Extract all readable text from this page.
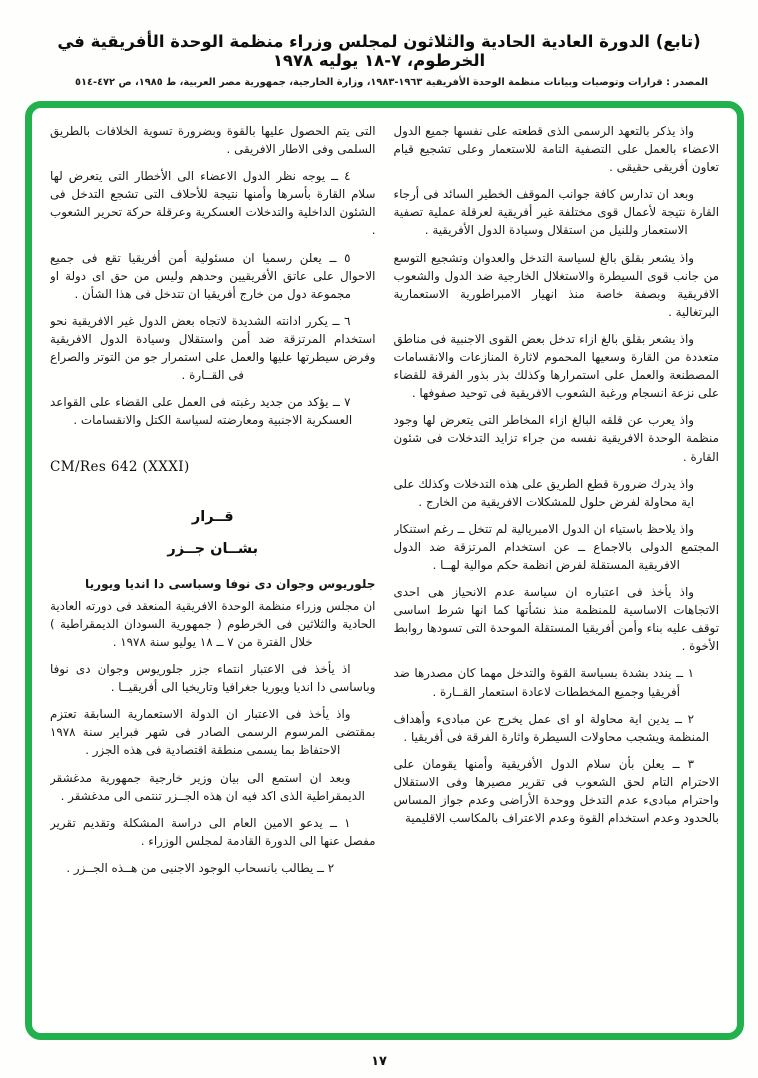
(تابع) الدورة العادية الحادية والثلاثون لمجلس وزراء منظمة الوحدة الأفريقية في الخرطوم، ٧-١٨ يوليه ١٩٧٨
المصدر : قرارات وتوصيات وبيانات منظمة الوحدة الأفريقية ١٩٦٣-١٩٨٣، وزارة الخارجية، جمهورية مصر العربية، ط ١٩٨٥، ص ٤٧٢-٥١٤

واذ يذكر بالتعهد الرسمى الذى قطعته على نفسها جميع الدول الاعضاء بالعمل على التصفية التامة للاستعمار وعلى تشجيع قيام تعاون أفريقى حقيقى .

وبعد ان تدارس كافة جوانب الموقف الخطير السائد فى أرجاء القارة نتيجة لأعمال قوى مختلفة غير أفريقية لعرقلة عملية تصفية الاستعمار وللنيل من استقلال وسيادة الدول الأفريقية .

واذ يشعر بقلق بالغ لسياسة التدخل والعدوان وتشجيع التوسع من جانب قوى السيطرة والاستغلال الخارجية ضد الدول والشعوب الافريقية وبصفة خاصة منذ انهيار الامبراطورية الاستعمارية البرتغالية .

واذ يشعر بقلق بالغ ازاء تدخل بعض القوى الاجنبية فى مناطق متعددة من القارة وسعيها المحموم لاثارة المنازعات والانقسامات المصطنعة والعمل على استمرارها وكذلك بذر بذور الفرقة للقضاء على نزعة انسجام ورغبة الشعوب الافريقية فى توحيد صفوفها .

واذ يعرب عن قلقه البالغ ازاء المخاطر التى يتعرض لها وجود منظمة الوحدة الافريقية نفسه من جراء تزايد التدخلات فى شئون القارة .

واذ يدرك ضرورة قطع الطريق على هذه التدخلات وكذلك على اية محاولة لفرض حلول للمشكلات الافريقية من الخارج .

واذ يلاحظ باستياء ان الدول الامبريالية لم تتخل ــ رغم استنكار المجتمع الدولى بالاجماع ــ عن استخدام المرتزقة ضد الدول الافريقية المستقلة لفرض انظمة حكم موالية لهــا .

واذ يأخذ فى اعتباره ان سياسة عدم الانحياز هى احدى الاتجاهات الاساسية للمنظمة منذ نشأتها كما انها شرط اساسى توقف عليه بناء وأمن أفريقيا المستقلة الموحدة التى تسودها روابط الأخوة .

١ ــ يندد بشدة بسياسة القوة والتدخل مهما كان مصدرها ضد أفريقيا وجميع المخططات لاعادة استعمار القــارة .

٢ ــ يدين اية محاولة او اى عمل يخرج عن مبادىء وأهداف المنظمة ويشجب محاولات السيطرة واثارة الفرقة فى أفريقيا .

٣ ــ يعلن بأن سلام الدول الأفريقية وأمنها يقومان على الاحترام التام لحق الشعوب فى تقرير مصيرها وفى الاستقلال واحترام مبادىء عدم التدخل ووحدة الأراضى وعدم جواز المساس بالحدود وعدم استخدام القوة وعدم الاعتراف بالمكاسب الاقليمية

التى يتم الحصول عليها بالقوة وبضرورة تسوية الخلافات بالطريق السلمى وفى الاطار الافريقى .

٤ ــ يوجه نظر الدول الاعضاء الى الأخطار التى يتعرض لها سلام القارة بأسرها وأمنها نتيجة للأحلاف التى تشجع التدخل فى الشئون الداخلية والتدخلات العسكرية وعرقلة حركة تحرير الشعوب .

٥ ــ يعلن رسميا ان مسئولية أمن أفريقيا تقع فى جميع الاحوال على عاتق الأفريقيين وحدهم وليس من حق اى دولة او مجموعة دول من خارج أفريقيا ان تتدخل فى هذا الشأن .

٦ ــ يكرر ادانته الشديدة لاتجاه بعض الدول غير الافريقية نحو استخدام المرتزقة ضد أمن واستقلال وسيادة الدول الافريقية وفرض سيطرتها عليها والعمل على استمرار جو من التوتر والصراع فى القــارة .

٧ ــ يؤكد من جديد رغبته فى العمل على القضاء على القواعد العسكرية الاجنبية ومعارضته لسياسة الكتل والانقسامات .

CM/Res 642 (XXXI)
قــرار
بشــان جــزر

جلوريوس وجوان دى نوفا وسباسى دا انديا ويوريا

ان مجلس وزراء منظمة الوحدة الافريقية المنعقد فى دورته العادية الحادية والثلاثين فى الخرطوم ( جمهورية السودان الديمقراطية ) خلال الفترة من ٧ ــ ١٨ يوليو سنة ١٩٧٨ .

اذ يأخذ فى الاعتبار انتماء جزر جلوريوس وجوان دى نوفا وباساسى دا انديا ويوريا جغرافيا وتاريخيا الى أفريقيــا .

واذ يأخذ فى الاعتبار ان الدولة الاستعمارية السابقة تعتزم بمقتضى المرسوم الرسمى الصادر فى شهر فبراير سنة ١٩٧٨ الاحتفاظ بما يسمى منطقة اقتصادية فى هذه الجزر .

وبعد ان استمع الى بيان وزير خارجية جمهورية مدغشقر الديمقراطية الذى اكد فيه ان هذه الجــزر تنتمى الى مدغشقر .

١ ــ يدعو الامين العام الى دراسة المشكلة وتقديم تقرير مفصل عنها الى الدورة القادمة لمجلس الوزراء .

٢ ــ يطالب بانسحاب الوجود الاجنبى من هــذه الجــزر .

١٧
